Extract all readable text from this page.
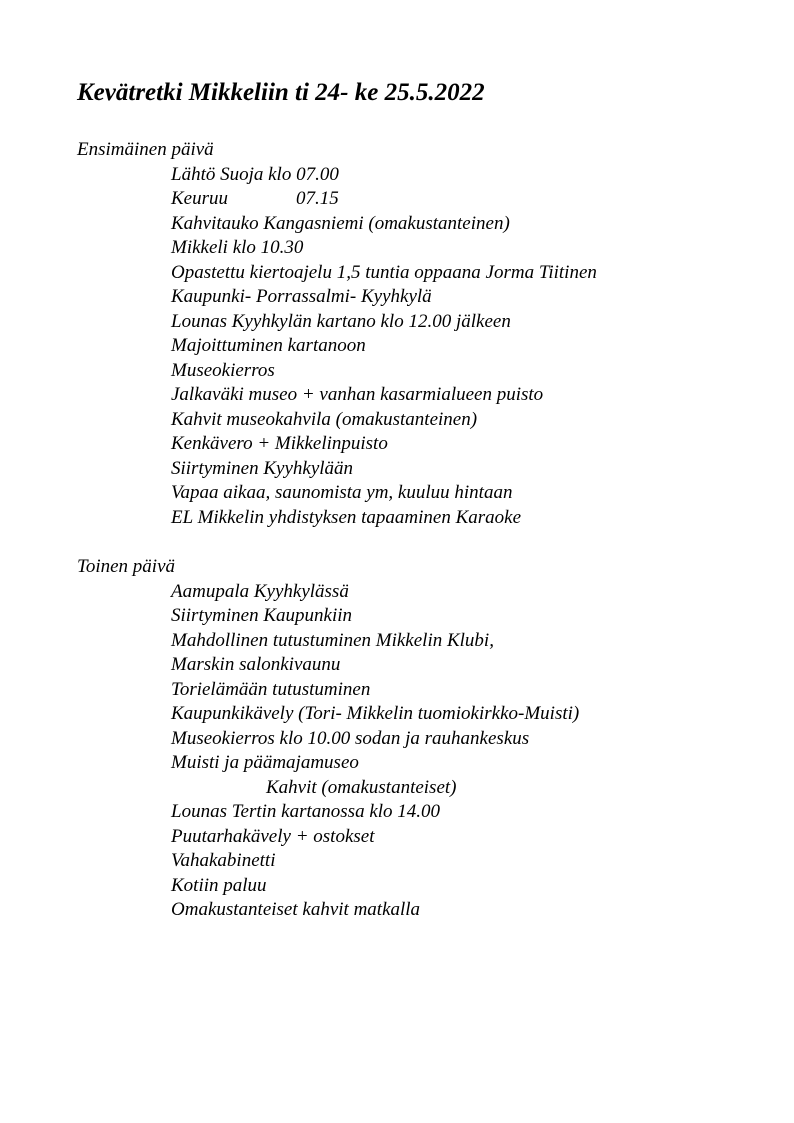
Kevätretki Mikkeliin ti 24- ke 25.5.2022

Ensimäinen päivä

Lähtö Suoja klo 07.00
Keuruu	07.15
Kahvitauko Kangasniemi (omakustanteinen)
Mikkeli klo 10.30
Opastettu kiertoajelu 1,5 tuntia oppaana Jorma Tiitinen
Kaupunki- Porrassalmi- Kyyhkylä
Lounas Kyyhkylän kartano klo 12.00 jälkeen
Majoittuminen kartanoon
Museokierros
Jalkaväki museo + vanhan kasarmialueen puisto
Kahvit museokahvila (omakustanteinen)
Kenkävero + Mikkelinpuisto
Siirtyminen Kyyhkylään
Vapaa aikaa, saunomista ym, kuuluu hintaan
EL Mikkelin yhdistyksen tapaaminen Karaoke

Toinen päivä

Aamupala Kyyhkylässä
Siirtyminen Kaupunkiin
Mahdollinen tutustuminen Mikkelin Klubi,
Marskin salonkivaunu
Torielämään tutustuminen
Kaupunkikävely (Tori- Mikkelin tuomiokirkko-Muisti)
Museokierros klo 10.00 sodan ja rauhankeskus
Muisti ja päämajamuseo
Kahvit (omakustanteiset)
Lounas Tertin kartanossa klo 14.00
Puutarhakävely + ostokset
Vahakabinetti
Kotiin paluu
Omakustanteiset kahvit matkalla
